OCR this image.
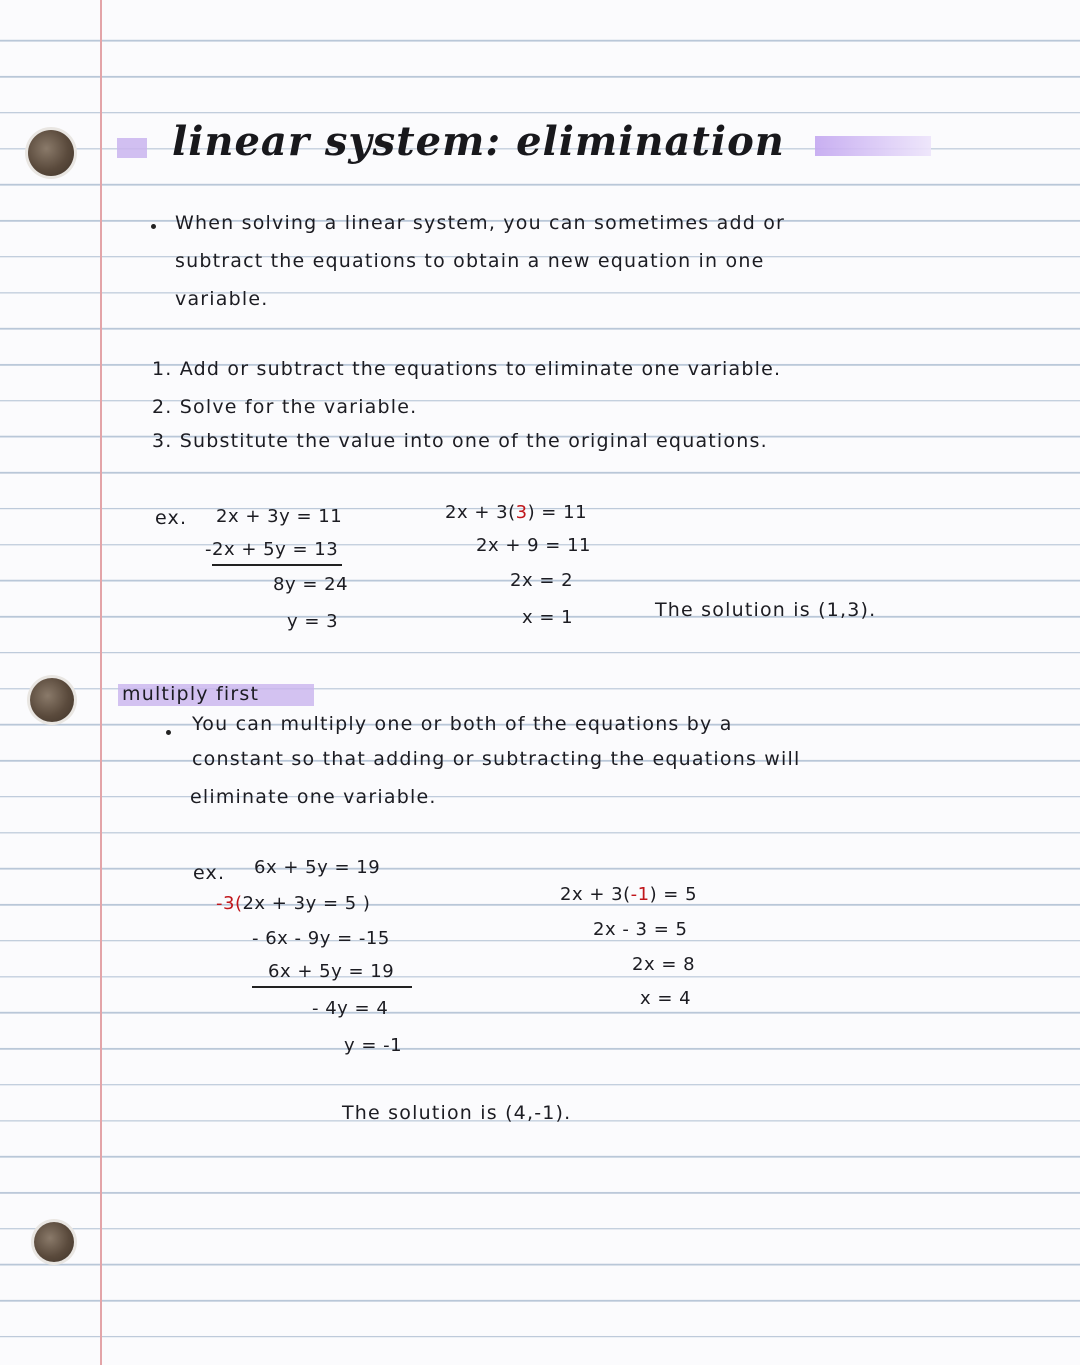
linear system: elimination
When solving a linear system, you can sometimes add or
subtract the equations to obtain a new equation in one
variable.
1. Add or subtract the equations to eliminate one variable.
2. Solve for the variable.
3. Substitute the value into one of the original equations.
ex. 2x + 3y = 11
-2x + 5y = 13
8y = 24
y = 3
2x + 3(3) = 11
2x + 9 = 11
2x = 2
x = 1	The solution is (1,3).
multiply first
You can multiply one or both of the equations by a
constant so that adding or subtracting the equations will
eliminate one variable.
ex. 6x + 5y = 19
-3(2x + 3y = 5 )
- 6x - 9y = -15
6x + 5y = 19
- 4y = 4
y = -1
2x + 3(-1) = 5
2x - 3 = 5
2x = 8
x = 4
The solution is (4,-1).
